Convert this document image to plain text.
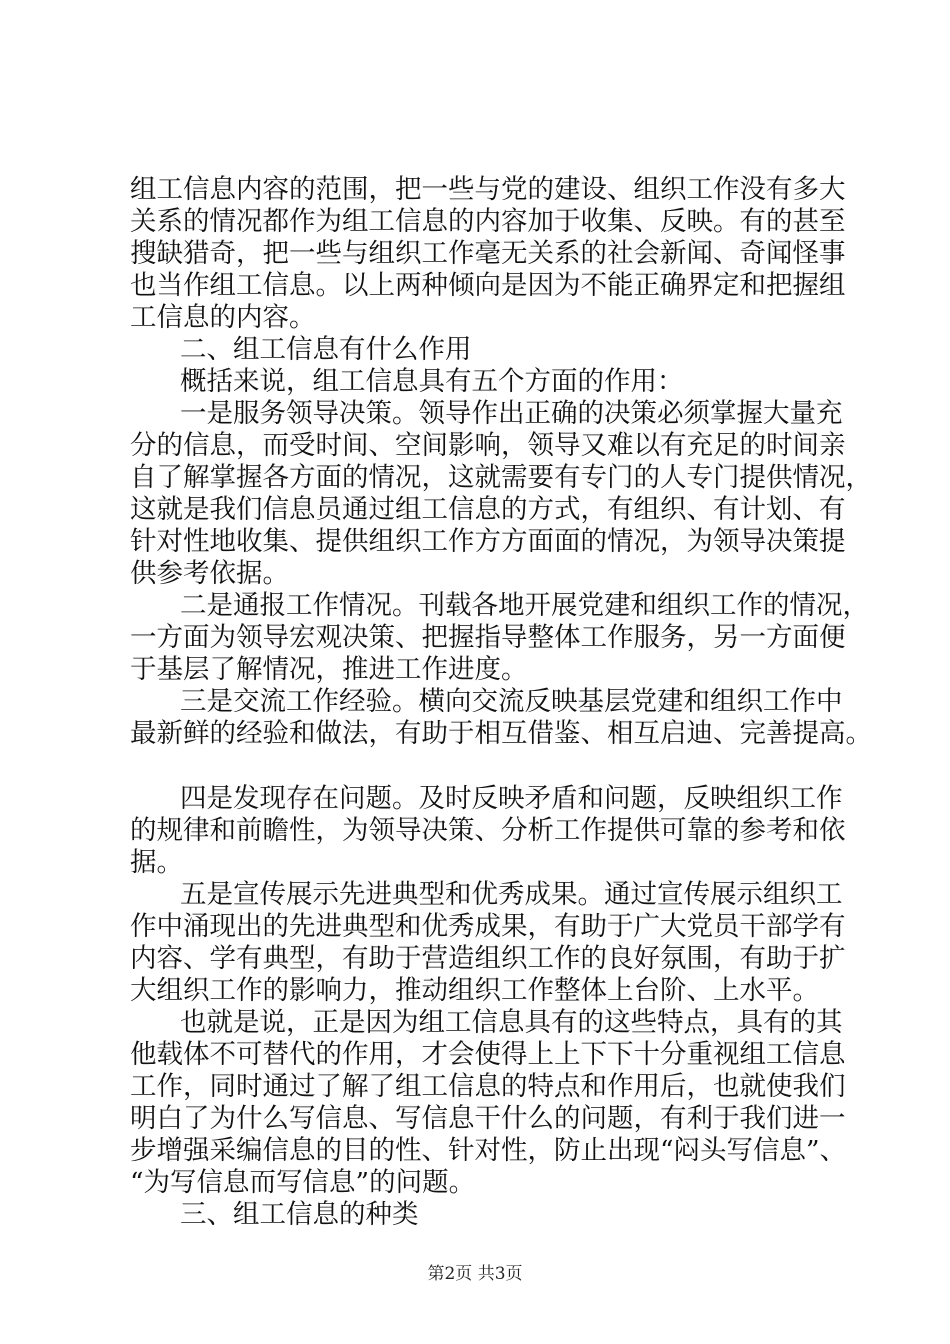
组工信息内容的范围，把一些与党的建设、组织工作没有多大
关系的情况都作为组工信息的内容加于收集、反映。有的甚至
搜缺猎奇，把一些与组织工作毫无关系的社会新闻、奇闻怪事
也当作组工信息。以上两种倾向是因为不能正确界定和把握组
工信息的内容。
二、组工信息有什么作用
概括来说，组工信息具有五个方面的作用：
一是服务领导决策。领导作出正确的决策必须掌握大量充
分的信息，而受时间、空间影响，领导又难以有充足的时间亲
自了解掌握各方面的情况，这就需要有专门的人专门提供情况，
这就是我们信息员通过组工信息的方式，有组织、有计划、有
针对性地收集、提供组织工作方方面面的情况，为领导决策提
供参考依据。
二是通报工作情况。刊载各地开展党建和组织工作的情况，
一方面为领导宏观决策、把握指导整体工作服务，另一方面便
于基层了解情况，推进工作进度。
三是交流工作经验。横向交流反映基层党建和组织工作中
最新鲜的经验和做法，有助于相互借鉴、相互启迪、完善提高。
四是发现存在问题。及时反映矛盾和问题，反映组织工作
的规律和前瞻性，为领导决策、分析工作提供可靠的参考和依
据。
五是宣传展示先进典型和优秀成果。通过宣传展示组织工
作中涌现出的先进典型和优秀成果，有助于广大党员干部学有
内容、学有典型，有助于营造组织工作的良好氛围，有助于扩
大组织工作的影响力，推动组织工作整体上台阶、上水平。
也就是说，正是因为组工信息具有的这些特点，具有的其
他载体不可替代的作用，才会使得上上下下十分重视组工信息
工作，同时通过了解了组工信息的特点和作用后，也就使我们
明白了为什么写信息、写信息干什么的问题，有利于我们进一
步增强采编信息的目的性、针对性，防止出现“闷头写信息”、
“为写信息而写信息”的问题。
三、组工信息的种类
第2页 共3页
